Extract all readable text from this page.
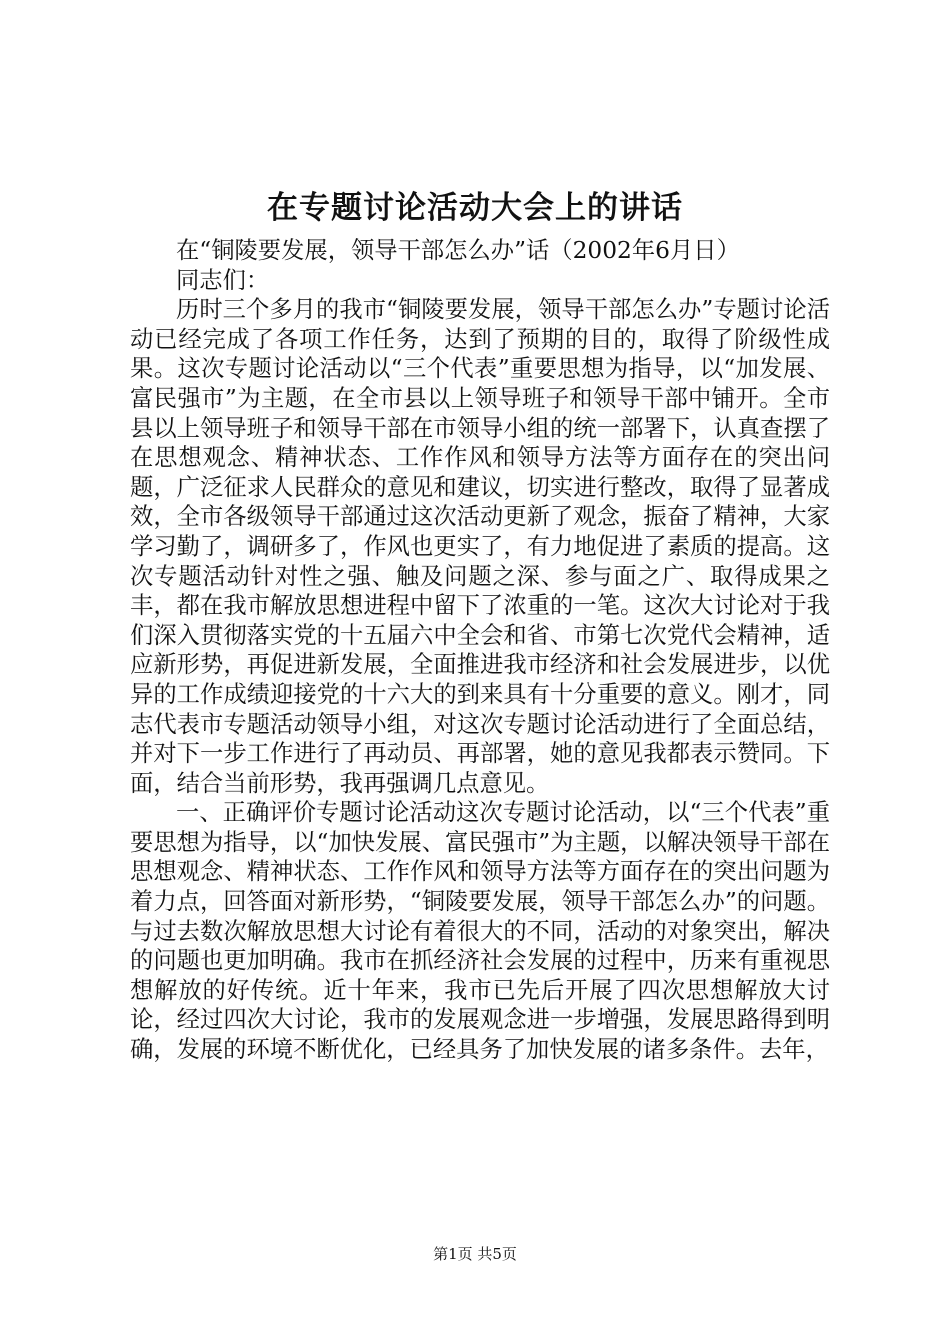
在专题讨论活动大会上的讲话

在“铜陵要发展，领导干部怎么办”话（2002年6月日）

同志们：

历时三个多月的我市“铜陵要发展，领导干部怎么办”专题讨论活动已经完成了各项工作任务，达到了预期的目的，取得了阶级性成果。这次专题讨论活动以“三个代表”重要思想为指导，以“加发展、富民强市”为主题，在全市县以上领导班子和领导干部中铺开。全市县以上领导班子和领导干部在市领导小组的统一部署下，认真查摆了在思想观念、精神状态、工作作风和领导方法等方面存在的突出问题，广泛征求人民群众的意见和建议，切实进行整改，取得了显著成效，全市各级领导干部通过这次活动更新了观念，振奋了精神，大家学习勤了，调研多了，作风也更实了，有力地促进了素质的提高。这次专题活动针对性之强、触及问题之深、参与面之广、取得成果之丰，都在我市解放思想进程中留下了浓重的一笔。这次大讨论对于我们深入贯彻落实党的十五届六中全会和省、市第七次党代会精神，适应新形势，再促进新发展，全面推进我市经济和社会发展进步，以优异的工作成绩迎接党的十六大的到来具有十分重要的意义。刚才，同志代表市专题活动领导小组，对这次专题讨论活动进行了全面总结，并对下一步工作进行了再动员、再部署，她的意见我都表示赞同。下面，结合当前形势，我再强调几点意见。

一、正确评价专题讨论活动这次专题讨论活动，以“三个代表”重要思想为指导，以“加快发展、富民强市”为主题，以解决领导干部在思想观念、精神状态、工作作风和领导方法等方面存在的突出问题为着力点，回答面对新形势，“铜陵要发展，领导干部怎么办”的问题。与过去数次解放思想大讨论有着很大的不同，活动的对象突出，解决的问题也更加明确。我市在抓经济社会发展的过程中，历来有重视思想解放的好传统。近十年来，我市已先后开展了四次思想解放大讨论，经过四次大讨论，我市的发展观念进一步增强，发展思路得到明确，发展的环境不断优化，已经具务了加快发展的诸多条件。去年，

第1页 共5页
